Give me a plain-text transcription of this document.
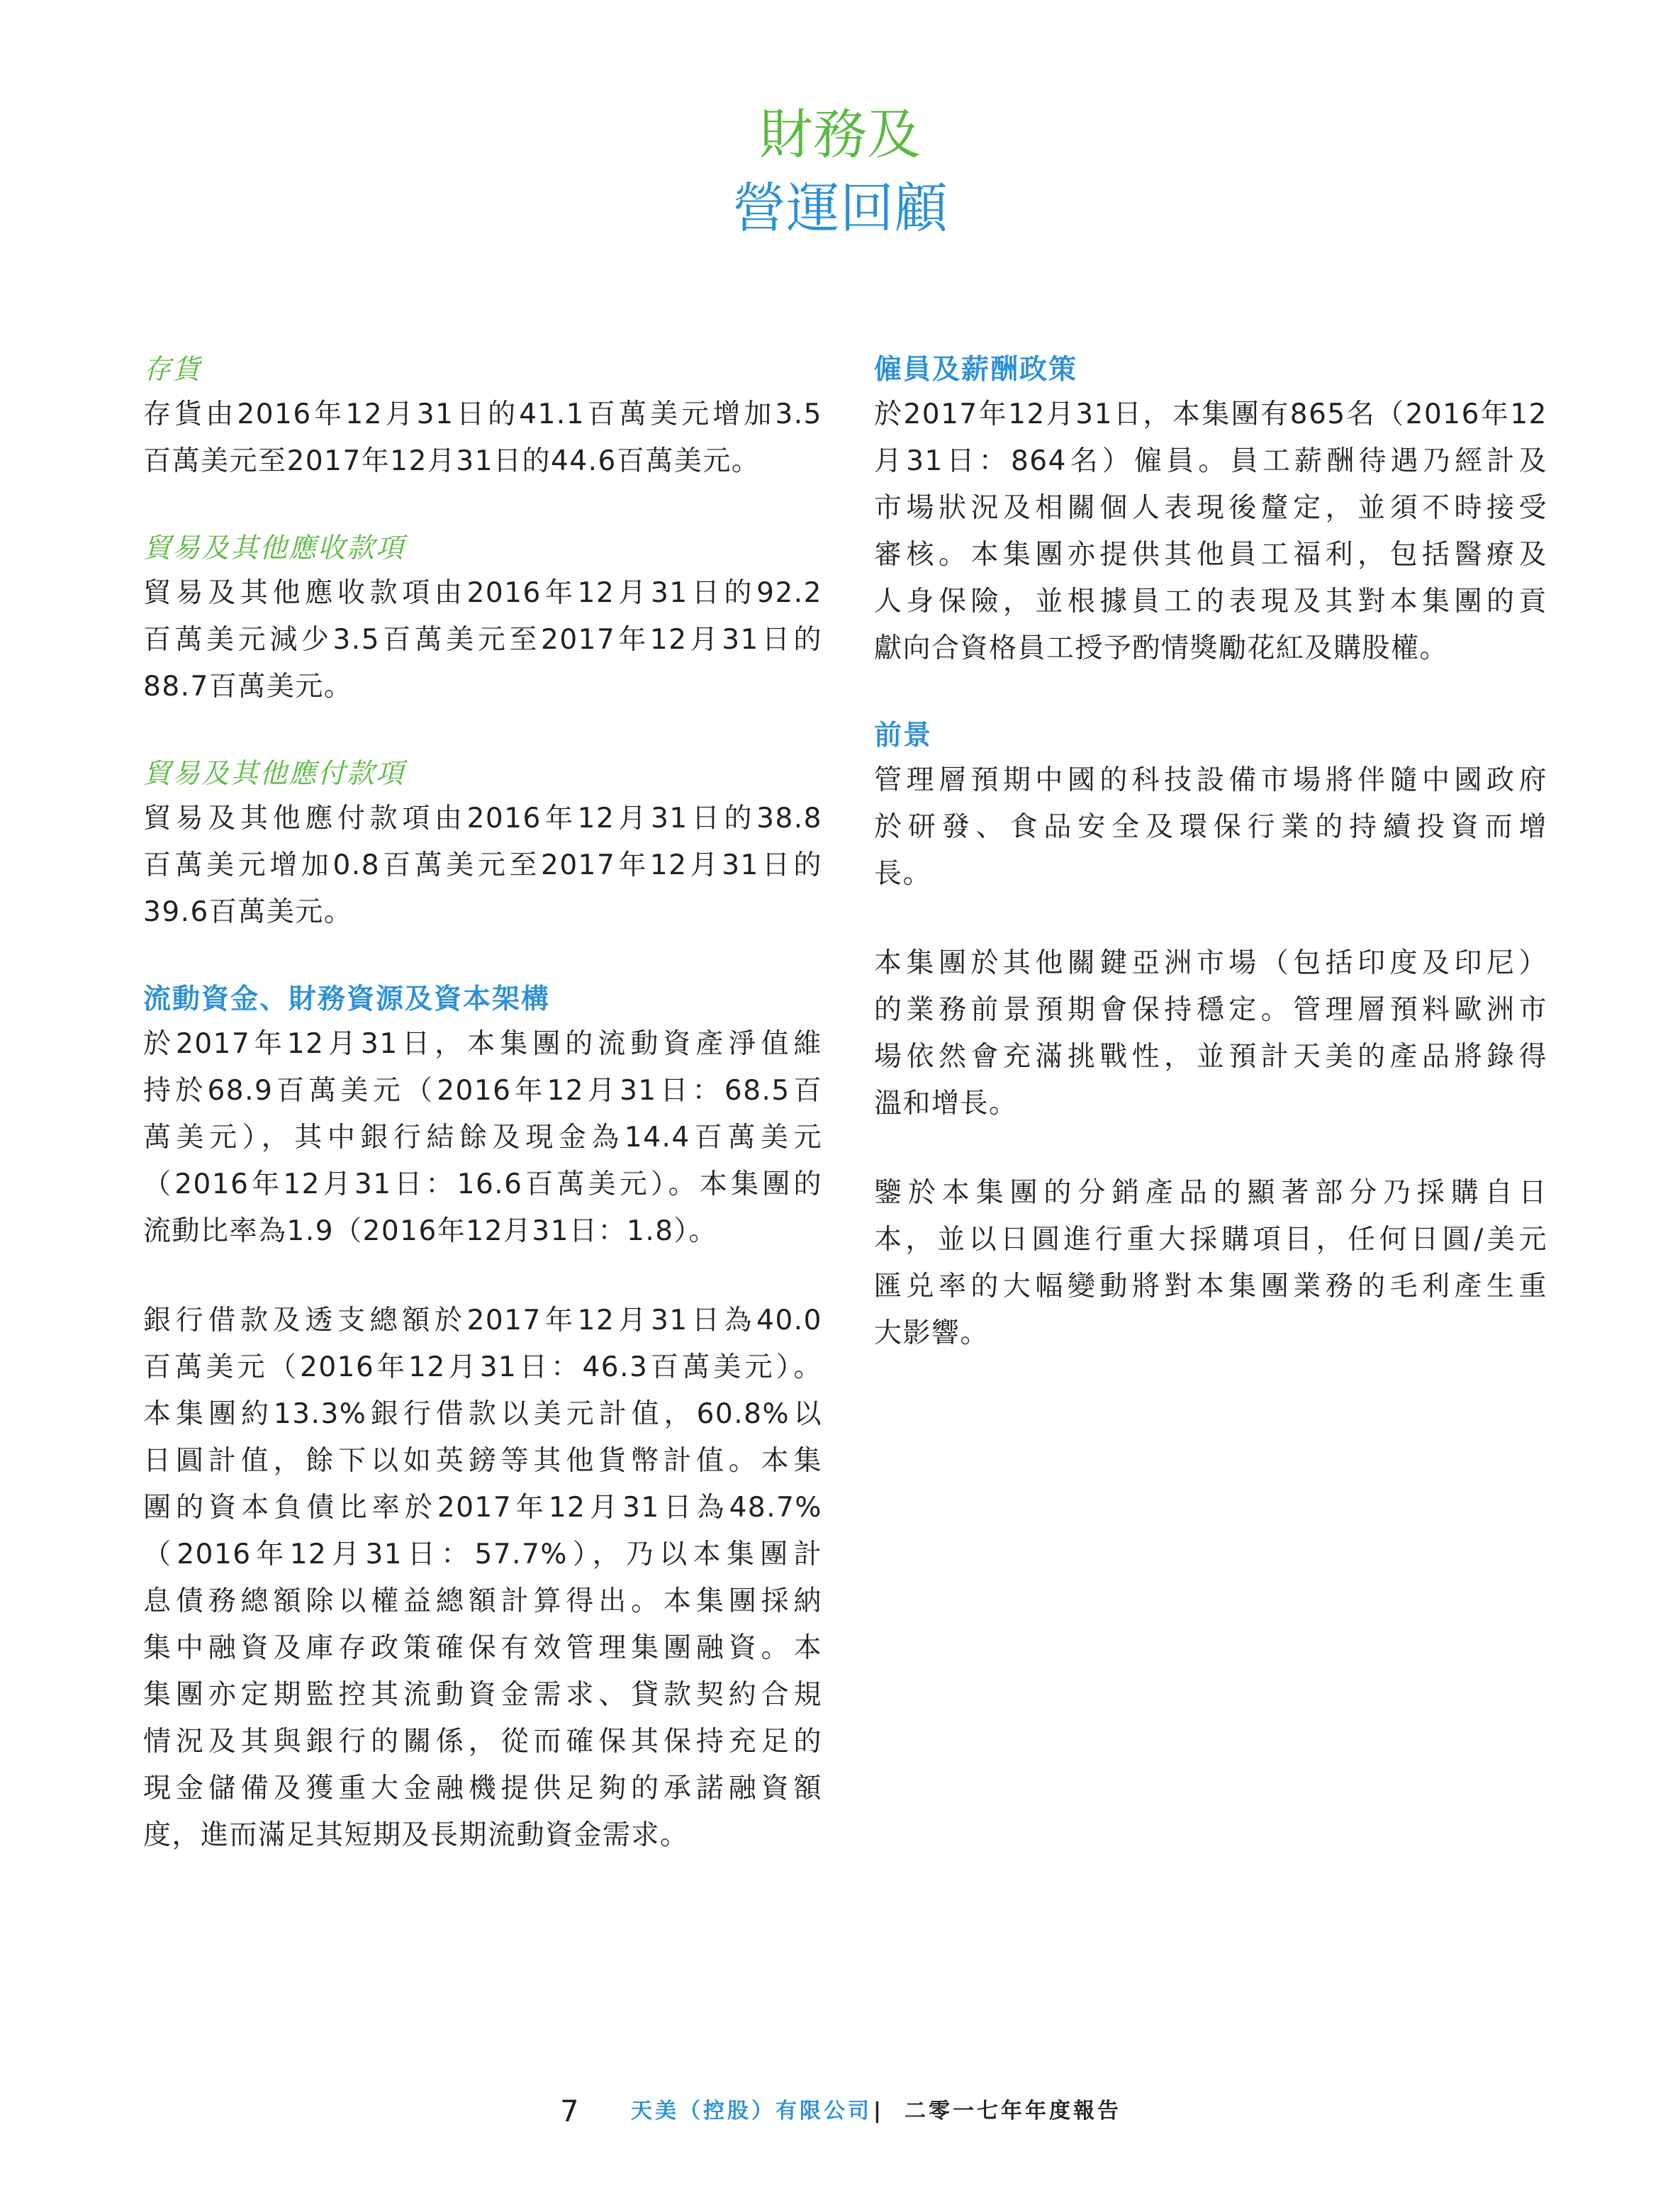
財務及
營運回顧
存貨
存貨由2016年12月31日的41.1百萬美元增加3.5
百萬美元至2017年12月31日的44.6百萬美元。
貿易及其他應收款項
貿易及其他應收款項由2016年12月31日的92.2
百萬美元減少3.5百萬美元至2017年12月31日的
88.7百萬美元。
貿易及其他應付款項
貿易及其他應付款項由2016年12月31日的38.8
百萬美元增加0.8百萬美元至2017年12月31日的
39.6百萬美元。
流動資金、財務資源及資本架構
於2017年12月31日，本集團的流動資產淨值維
持於68.9百萬美元（2016年12月31日：68.5百
萬美元），其中銀行結餘及現金為14.4百萬美元
（2016年12月31日：16.6百萬美元）。本集團的
流動比率為1.9（2016年12月31日：1.8）。
銀行借款及透支總額於2017年12月31日為40.0
百萬美元（2016年12月31日：46.3百萬美元）。
本集團約13.3%銀行借款以美元計值，60.8%以
日圓計值，餘下以如英鎊等其他貨幣計值。本集
團的資本負債比率於2017年12月31日為48.7%
（2016年12月31日：57.7%），乃以本集團計
息債務總額除以權益總額計算得出。本集團採納
集中融資及庫存政策確保有效管理集團融資。本
集團亦定期監控其流動資金需求、貸款契約合規
情況及其與銀行的關係，從而確保其保持充足的
現金儲備及獲重大金融機提供足夠的承諾融資額
度，進而滿足其短期及長期流動資金需求。
僱員及薪酬政策
於2017年12月31日，本集團有865名（2016年12
月31日：864名）僱員。員工薪酬待遇乃經計及
市場狀況及相關個人表現後釐定，並須不時接受
審核。本集團亦提供其他員工福利，包括醫療及
人身保險，並根據員工的表現及其對本集團的貢
獻向合資格員工授予酌情獎勵花紅及購股權。
前景
管理層預期中國的科技設備市場將伴隨中國政府
於研發、食品安全及環保行業的持續投資而增
長。
本集團於其他關鍵亞洲市場（包括印度及印尼）
的業務前景預期會保持穩定。管理層預料歐洲市
場依然會充滿挑戰性，並預計天美的產品將錄得
溫和增長。
鑒於本集團的分銷產品的顯著部分乃採購自日
本，並以日圓進行重大採購項目，任何日圓/美元
匯兑率的大幅變動將對本集團業務的毛利產生重
大影響。
7 天美（控股）有限公司 | 二零一七年年度報告
